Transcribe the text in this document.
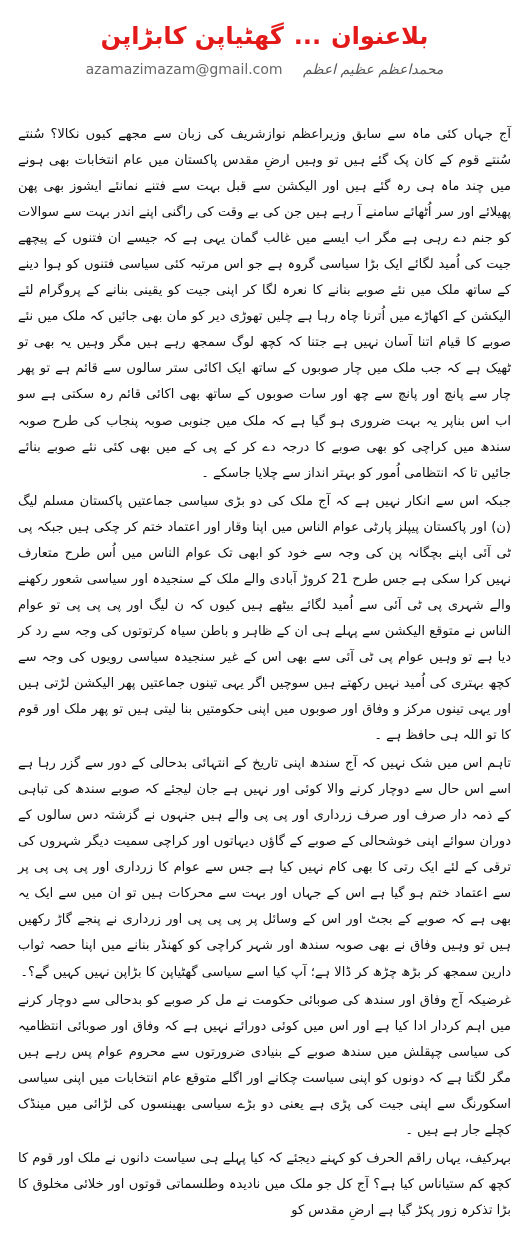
بلاعنوان...گھٹیاپن کابڑاپن
azamazimazam@gmail.com محمداعظم عظیم اعظم

آج جہاں کئی ماہ سے سابق وزیراعظم نوازشریف کی زبان سے مجھے کیوں نکالا؟ سُنتے سُنتے قوم کے کان پک گئے ہیں تو وہیں ارضِ مقدس پاکستان میں عام انتخابات بھی ہونے میں چند ماہ ہی رہ گئے ہیں اور الیکشن سے قبل بہت سے فتنے نمانئے ایشوز بھی پھن پھیلائے اور سر اُٹھائے سامنے آ رہے ہیں جن کی بے وقت کی راگنی اپنے اندر بہت سے سوالات کو جنم دے رہی ہے مگر اب ایسے میں غالب گمان یہی ہے کہ جیسے ان فتنوں کے پیچھے جیت کی اُمید لگائے ایک بڑا سیاسی گروہ ہے جو اس مرتبہ کئی سیاسی فتنوں کو ہوا دینے کے ساتھ ملک میں نئے صوبے بنانے کا نعرہ لگا کر اپنی جیت کو یقینی بنانے کے پروگرام لئے الیکشن کے اکھاڑے میں اُترنا چاہ رہا ہے چلیں تھوڑی دیر کو مان بھی جائیں کہ ملک میں نئے صوبے کا قیام اتنا آسان نہیں ہے جتنا کہ کچھ لوگ سمجھ رہے ہیں مگر وہیں یہ بھی تو ٹھیک ہے کہ جب ملک میں چار صوبوں کے ساتھ ایک اکائی ستر سالوں سے قائم ہے تو پھر چار سے پانچ اور پانچ سے چھ اور سات صوبوں کے ساتھ بھی اکائی قائم رہ سکتی ہے سو اب اس بناپر یہ بہت ضروری ہو گیا ہے کہ ملک میں جنوبی صوبہ پنجاب کی طرح صوبہ سندھ میں کراچی کو بھی صوبے کا درجہ دے کر کے پی کے میں بھی کئی نئے صوبے بنائے جائیں تا کہ انتظامی اُمور کو بہتر انداز سے چلایا جاسکے ۔

جبکہ اس سے انکار نہیں ہے کہ آج ملک کی دو بڑی سیاسی جماعتیں پاکستان مسلم لیگ (ن) اور پاکستان پیپلز پارٹی عوام الناس میں اپنا وقار اور اعتماد ختم کر چکی ہیں جبکہ پی ٹی آئی اپنے بچگانہ پن کی وجہ سے خود کو ابھی تک عوام الناس میں اُس طرح متعارف نہیں کرا سکی ہے جس طرح 21 کروڑ آبادی والے ملک کے سنجیدہ اور سیاسی شعور رکھنے والے شہری پی ٹی آئی سے اُمید لگائے بیٹھے ہیں کیوں کہ ن لیگ اور پی پی پی تو عوام الناس نے متوقع الیکشن سے پہلے ہی ان کے ظاہر و باطن سیاہ کرتوتوں کی وجہ سے رد کر دیا ہے تو وہیں عوام پی ٹی آئی سے بھی اس کے غیر سنجیدہ سیاسی رویوں کی وجہ سے کچھ بہتری کی اُمید نہیں رکھتے ہیں سوچیں اگر یہی تینوں جماعتیں پھر الیکشن لڑتی ہیں اور یہی تینوں مرکز و وفاق اور صوبوں میں اپنی حکومتیں بنا لیتی ہیں تو پھر ملک اور قوم کا تو اللہ ہی حافظ ہے ۔

تاہم اس میں شک نہیں کہ آج سندھ اپنی تاریخ کے انتہائی بدحالی کے دور سے گزر رہا ہے اسے اس حال سے دوچار کرنے والا کوئی اور نہیں ہے جان لیجئے کہ صوبے سندھ کی تباہی کے ذمہ دار صرف اور صرف زرداری اور پی پی والے ہیں جنہوں نے گزشتہ دس سالوں کے دوران سوائے اپنی خوشحالی کے صوبے کے گاؤں دیہاتوں اور کراچی سمیت دیگر شہروں کی ترقی کے لئے ایک رتی کا بھی کام نہیں کیا ہے جس سے عوام کا زرداری اور پی پی پی پر سے اعتماد ختم ہو گیا ہے اس کے جہاں اور بہت سے محرکات ہیں تو ان میں سے ایک یہ بھی ہے کہ صوبے کے بجٹ اور اس کے وسائل پر پی پی پی اور زرداری نے پنجے گاڑ رکھیں ہیں تو وہیں وفاق نے بھی صوبہ سندھ اور شہر کراچی کو کھنڈر بنانے میں اپنا حصہ ثواب دارین سمجھ کر بڑھ چڑھ کر ڈالا ہے؛ آپ کیا اسے سیاسی گھٹیاپن کا بڑاپن نہیں کہیں گے؟۔

غرضیکہ آج وفاق اور سندھ کی صوبائی حکومت نے مل کر صوبے کو بدحالی سے دوچار کرنے میں اہم کردار ادا کیا ہے اور اس میں کوئی دورائے نہیں ہے کہ وفاق اور صوبائی انتظامیہ کی سیاسی چپقلش میں سندھ صوبے کے بنیادی ضرورتوں سے محروم عوام پس رہے ہیں مگر لگتا ہے کہ دونوں کو اپنی سیاست چکانے اور اگلے متوقع عام انتخابات میں اپنی سیاسی اسکورنگ سے اپنی جیت کی پڑی ہے یعنی دو بڑے سیاسی بھینسوں کی لڑائی میں مینڈک کچلے جار ہے ہیں ۔

بہرکیف، یہاں راقم الحرف کو کہنے دیجئے کہ کیا پہلے ہی سیاست دانوں نے ملک اور قوم کا کچھ کم ستیاناس کیا ہے؟ آج کل جو ملک میں نادیدہ وطلسماتی قوتوں اور خلائی مخلوق کا بڑا تذکرہ زور پکڑ گیا ہے ارضِ مقدس کو
